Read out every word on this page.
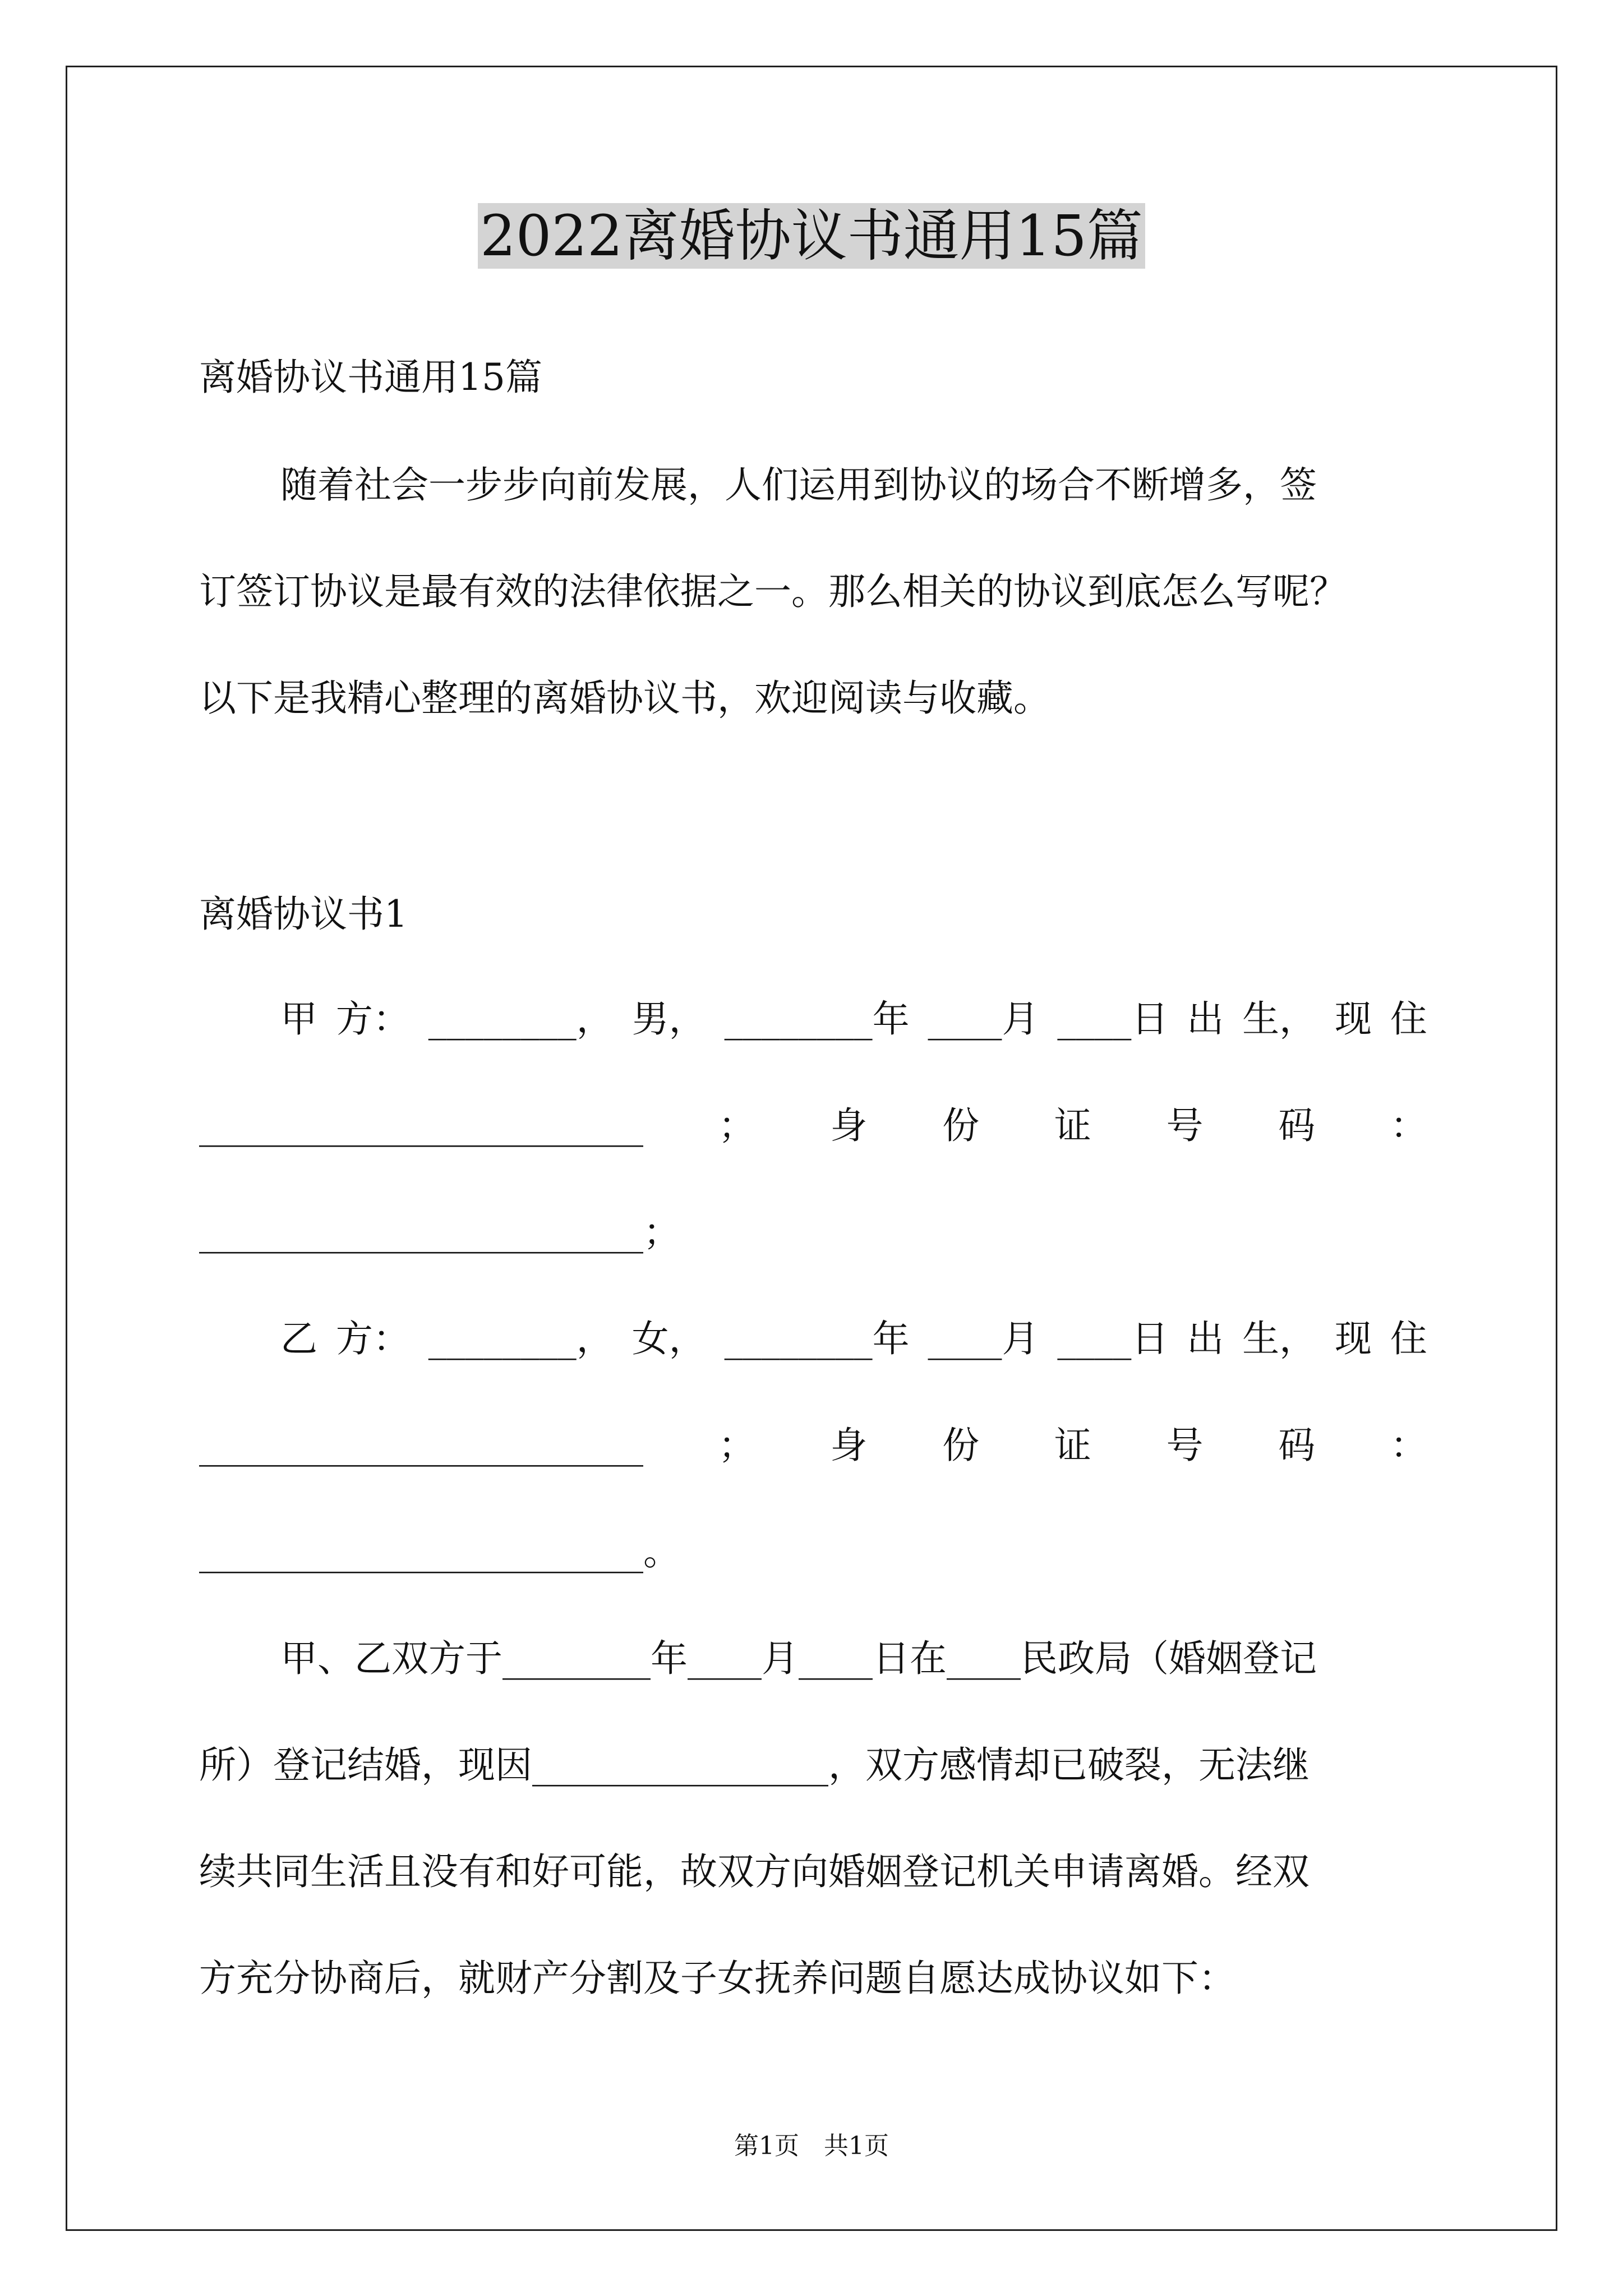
2022离婚协议书通用15篇
离婚协议书通用15篇
随着社会一步步向前发展，人们运用到协议的场合不断增多，签
订签订协议是最有效的法律依据之一。那么相关的协议到底怎么写呢？
以下是我精心整理的离婚协议书，欢迎阅读与收藏。
离婚协议书1
甲 方： ________， 男， ________年 ____月 ____日 出 生， 现 住
________________________ ； 身 份 证 号 码 ：
________________________；
乙 方： ________， 女， ________年 ____月 ____日 出 生， 现 住
________________________ ； 身 份 证 号 码 ：
________________________。
甲、乙双方于________年____月____日在____民政局（婚姻登记
所）登记结婚，现因________________，双方感情却已破裂，无法继
续共同生活且没有和好可能，故双方向婚姻登记机关申请离婚。经双
方充分协商后，就财产分割及子女抚养问题自愿达成协议如下：
第1页　共1页
